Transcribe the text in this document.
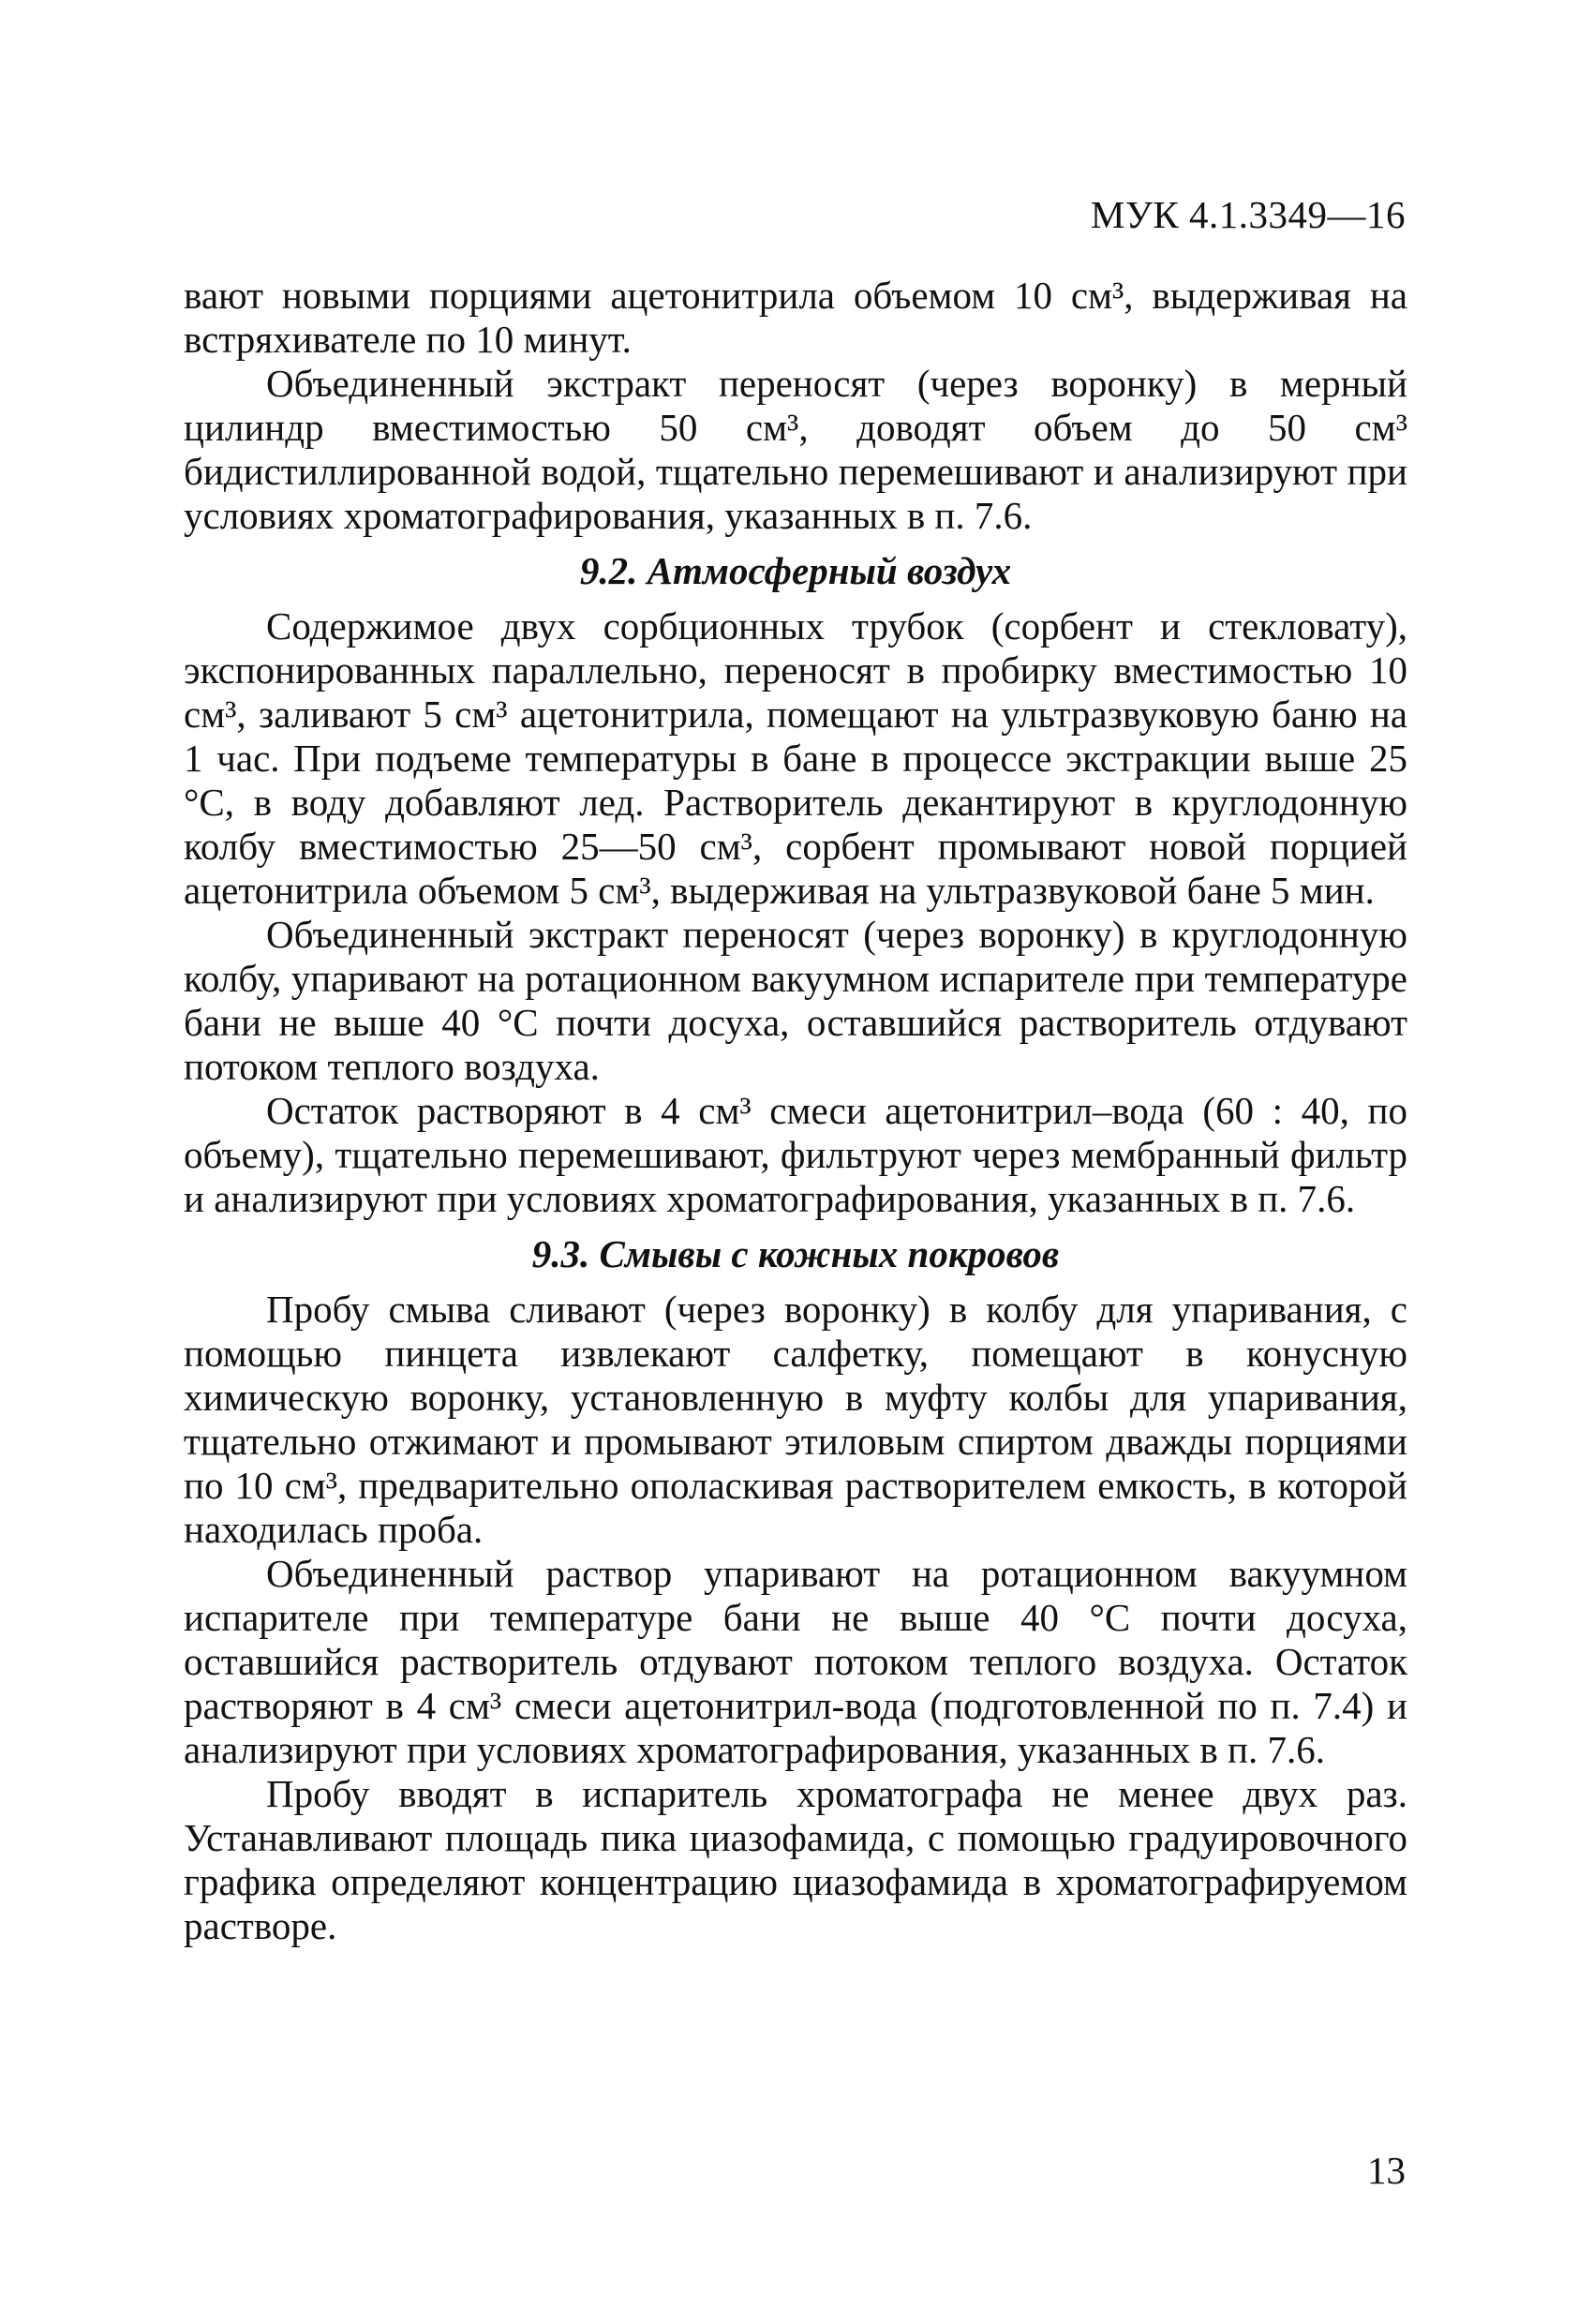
МУК 4.1.3349—16

вают новыми порциями ацетонитрила объемом 10 см³, выдерживая на встряхивателе по 10 минут.

Объединенный экстракт переносят (через воронку) в мерный цилиндр вместимостью 50 см³, доводят объем до 50 см³ бидистиллированной водой, тщательно перемешивают и анализируют при условиях хроматографирования, указанных в п. 7.6.

9.2. Атмосферный воздух

Содержимое двух сорбционных трубок (сорбент и стекловату), экспонированных параллельно, переносят в пробирку вместимостью 10 см³, заливают 5 см³ ацетонитрила, помещают на ультразвуковую баню на 1 час. При подъеме температуры в бане в процессе экстракции выше 25 °С, в воду добавляют лед. Растворитель декантируют в круглодонную колбу вместимостью 25—50 см³, сорбент промывают новой порцией ацетонитрила объемом 5 см³, выдерживая на ультразвуковой бане 5 мин.

Объединенный экстракт переносят (через воронку) в круглодонную колбу, упаривают на ротационном вакуумном испарителе при температуре бани не выше 40 °С почти досуха, оставшийся растворитель отдувают потоком теплого воздуха.

Остаток растворяют в 4 см³ смеси ацетонитрил–вода (60 : 40, по объему), тщательно перемешивают, фильтруют через мембранный фильтр и анализируют при условиях хроматографирования, указанных в п. 7.6.

9.3. Смывы с кожных покровов

Пробу смыва сливают (через воронку) в колбу для упаривания, с помощью пинцета извлекают салфетку, помещают в конусную химическую воронку, установленную в муфту колбы для упаривания, тщательно отжимают и промывают этиловым спиртом дважды порциями по 10 см³, предварительно ополаскивая растворителем емкость, в которой находилась проба.

Объединенный раствор упаривают на ротационном вакуумном испарителе при температуре бани не выше 40 °С почти досуха, оставшийся растворитель отдувают потоком теплого воздуха. Остаток растворяют в 4 см³ смеси ацетонитрил-вода (подготовленной по п. 7.4) и анализируют при условиях хроматографирования, указанных в п. 7.6.

Пробу вводят в испаритель хроматографа не менее двух раз. Устанавливают площадь пика циазофамида, с помощью градуировочного графика определяют концентрацию циазофамида в хроматографируемом растворе.

13
